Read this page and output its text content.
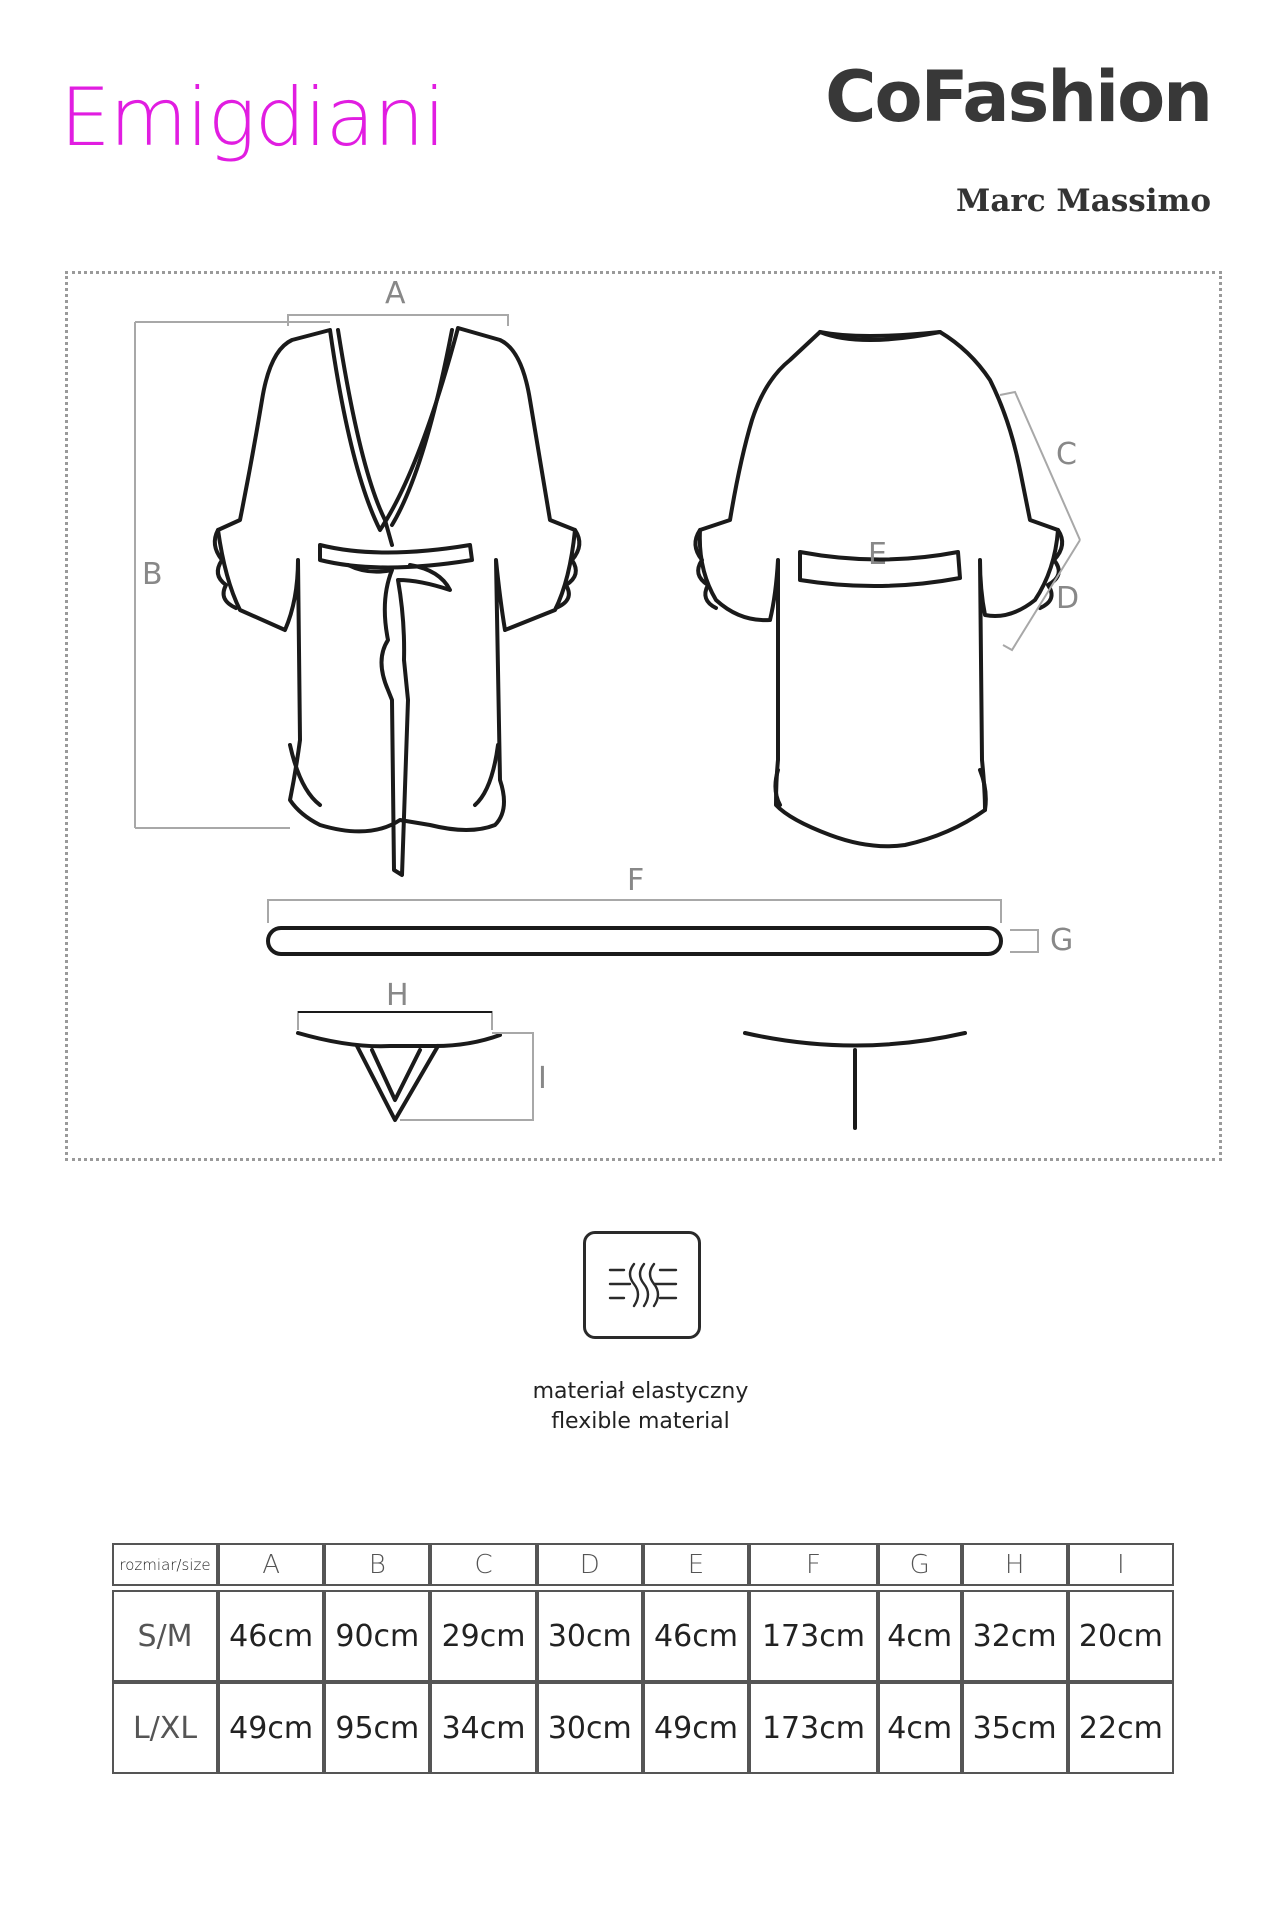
Emigdiani	CoFashion
Marc Massimo
A
B
C
D
E
F
G
H
I
materiał elastyczny
flexible material
rozmiar/size	A	B	C	D	E	F	G	H	I

S/M	46cm	90cm	29cm	30cm	46cm	173cm	4cm	32cm	20cm
L/XL	49cm	95cm	34cm	30cm	49cm	173cm	4cm	35cm	22cm
